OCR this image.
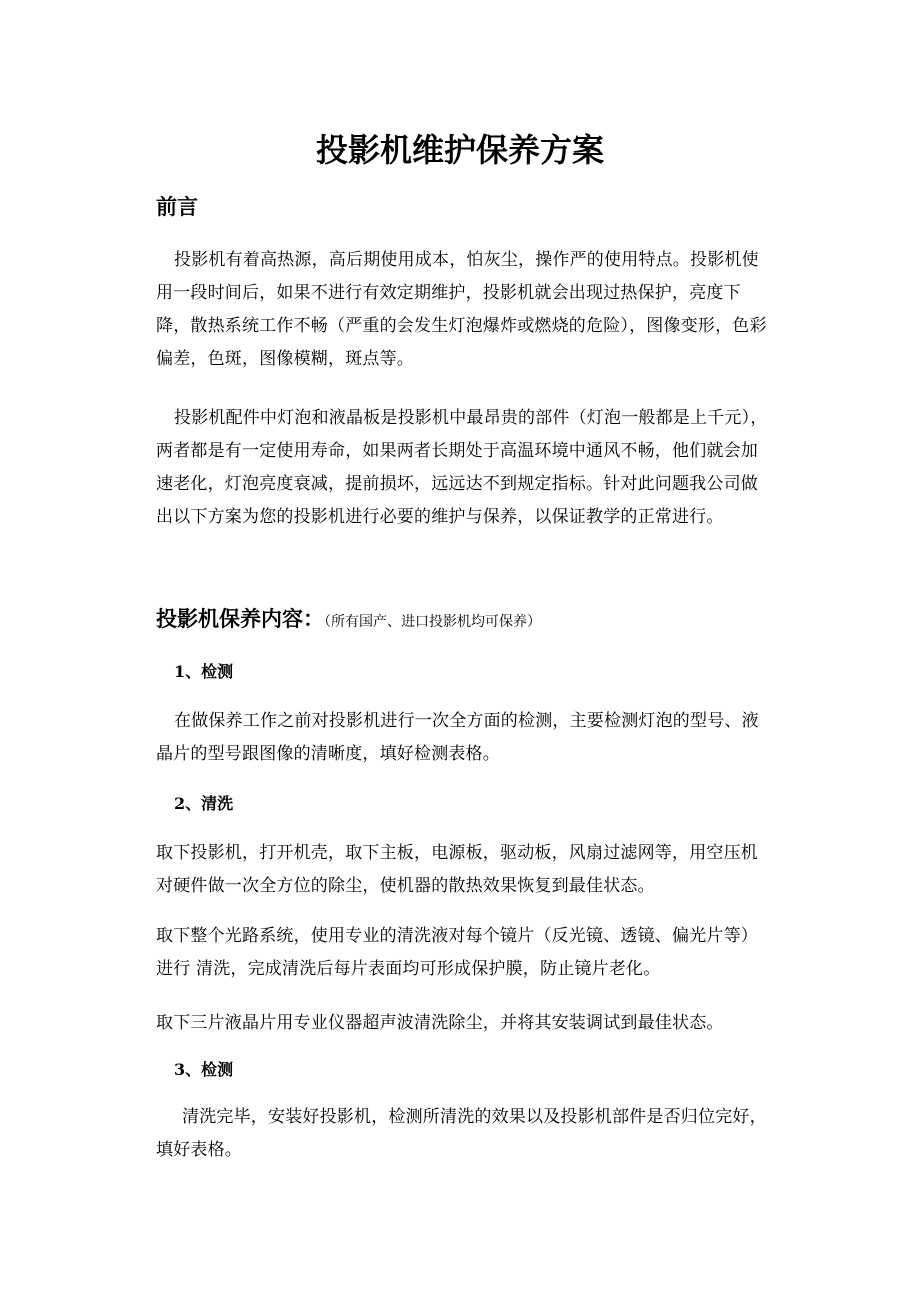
投影机维护保养方案
前言

投影机有着高热源，高后期使用成本，怕灰尘，操作严的使用特点。投影机使用一段时间后，如果不进行有效定期维护，投影机就会出现过热保护，亮度下降，散热系统工作不畅（严重的会发生灯泡爆炸或燃烧的危险），图像变形，色彩偏差，色斑，图像模糊，斑点等。

投影机配件中灯泡和液晶板是投影机中最昂贵的部件（灯泡一般都是上千元），两者都是有一定使用寿命，如果两者长期处于高温环境中通风不畅，他们就会加速老化，灯泡亮度衰减，提前损坏，远远达不到规定指标。针对此问题我公司做出以下方案为您的投影机进行必要的维护与保养，以保证教学的正常进行。

投影机保养内容：（所有国产、进口投影机均可保养）
1、检测

在做保养工作之前对投影机进行一次全方面的检测，主要检测灯泡的型号、液晶片的型号跟图像的清晰度，填好检测表格。

2、清洗

取下投影机，打开机壳，取下主板，电源板，驱动板，风扇过滤网等，用空压机对硬件做一次全方位的除尘，使机器的散热效果恢复到最佳状态。

取下整个光路系统，使用专业的清洗液对每个镜片（反光镜、透镜、偏光片等）进行 清洗，完成清洗后每片表面均可形成保护膜，防止镜片老化。

取下三片液晶片用专业仪器超声波清洗除尘，并将其安装调试到最佳状态。

3、检测

清洗完毕，安装好投影机，检测所清洗的效果以及投影机部件是否归位完好，填好表格。
